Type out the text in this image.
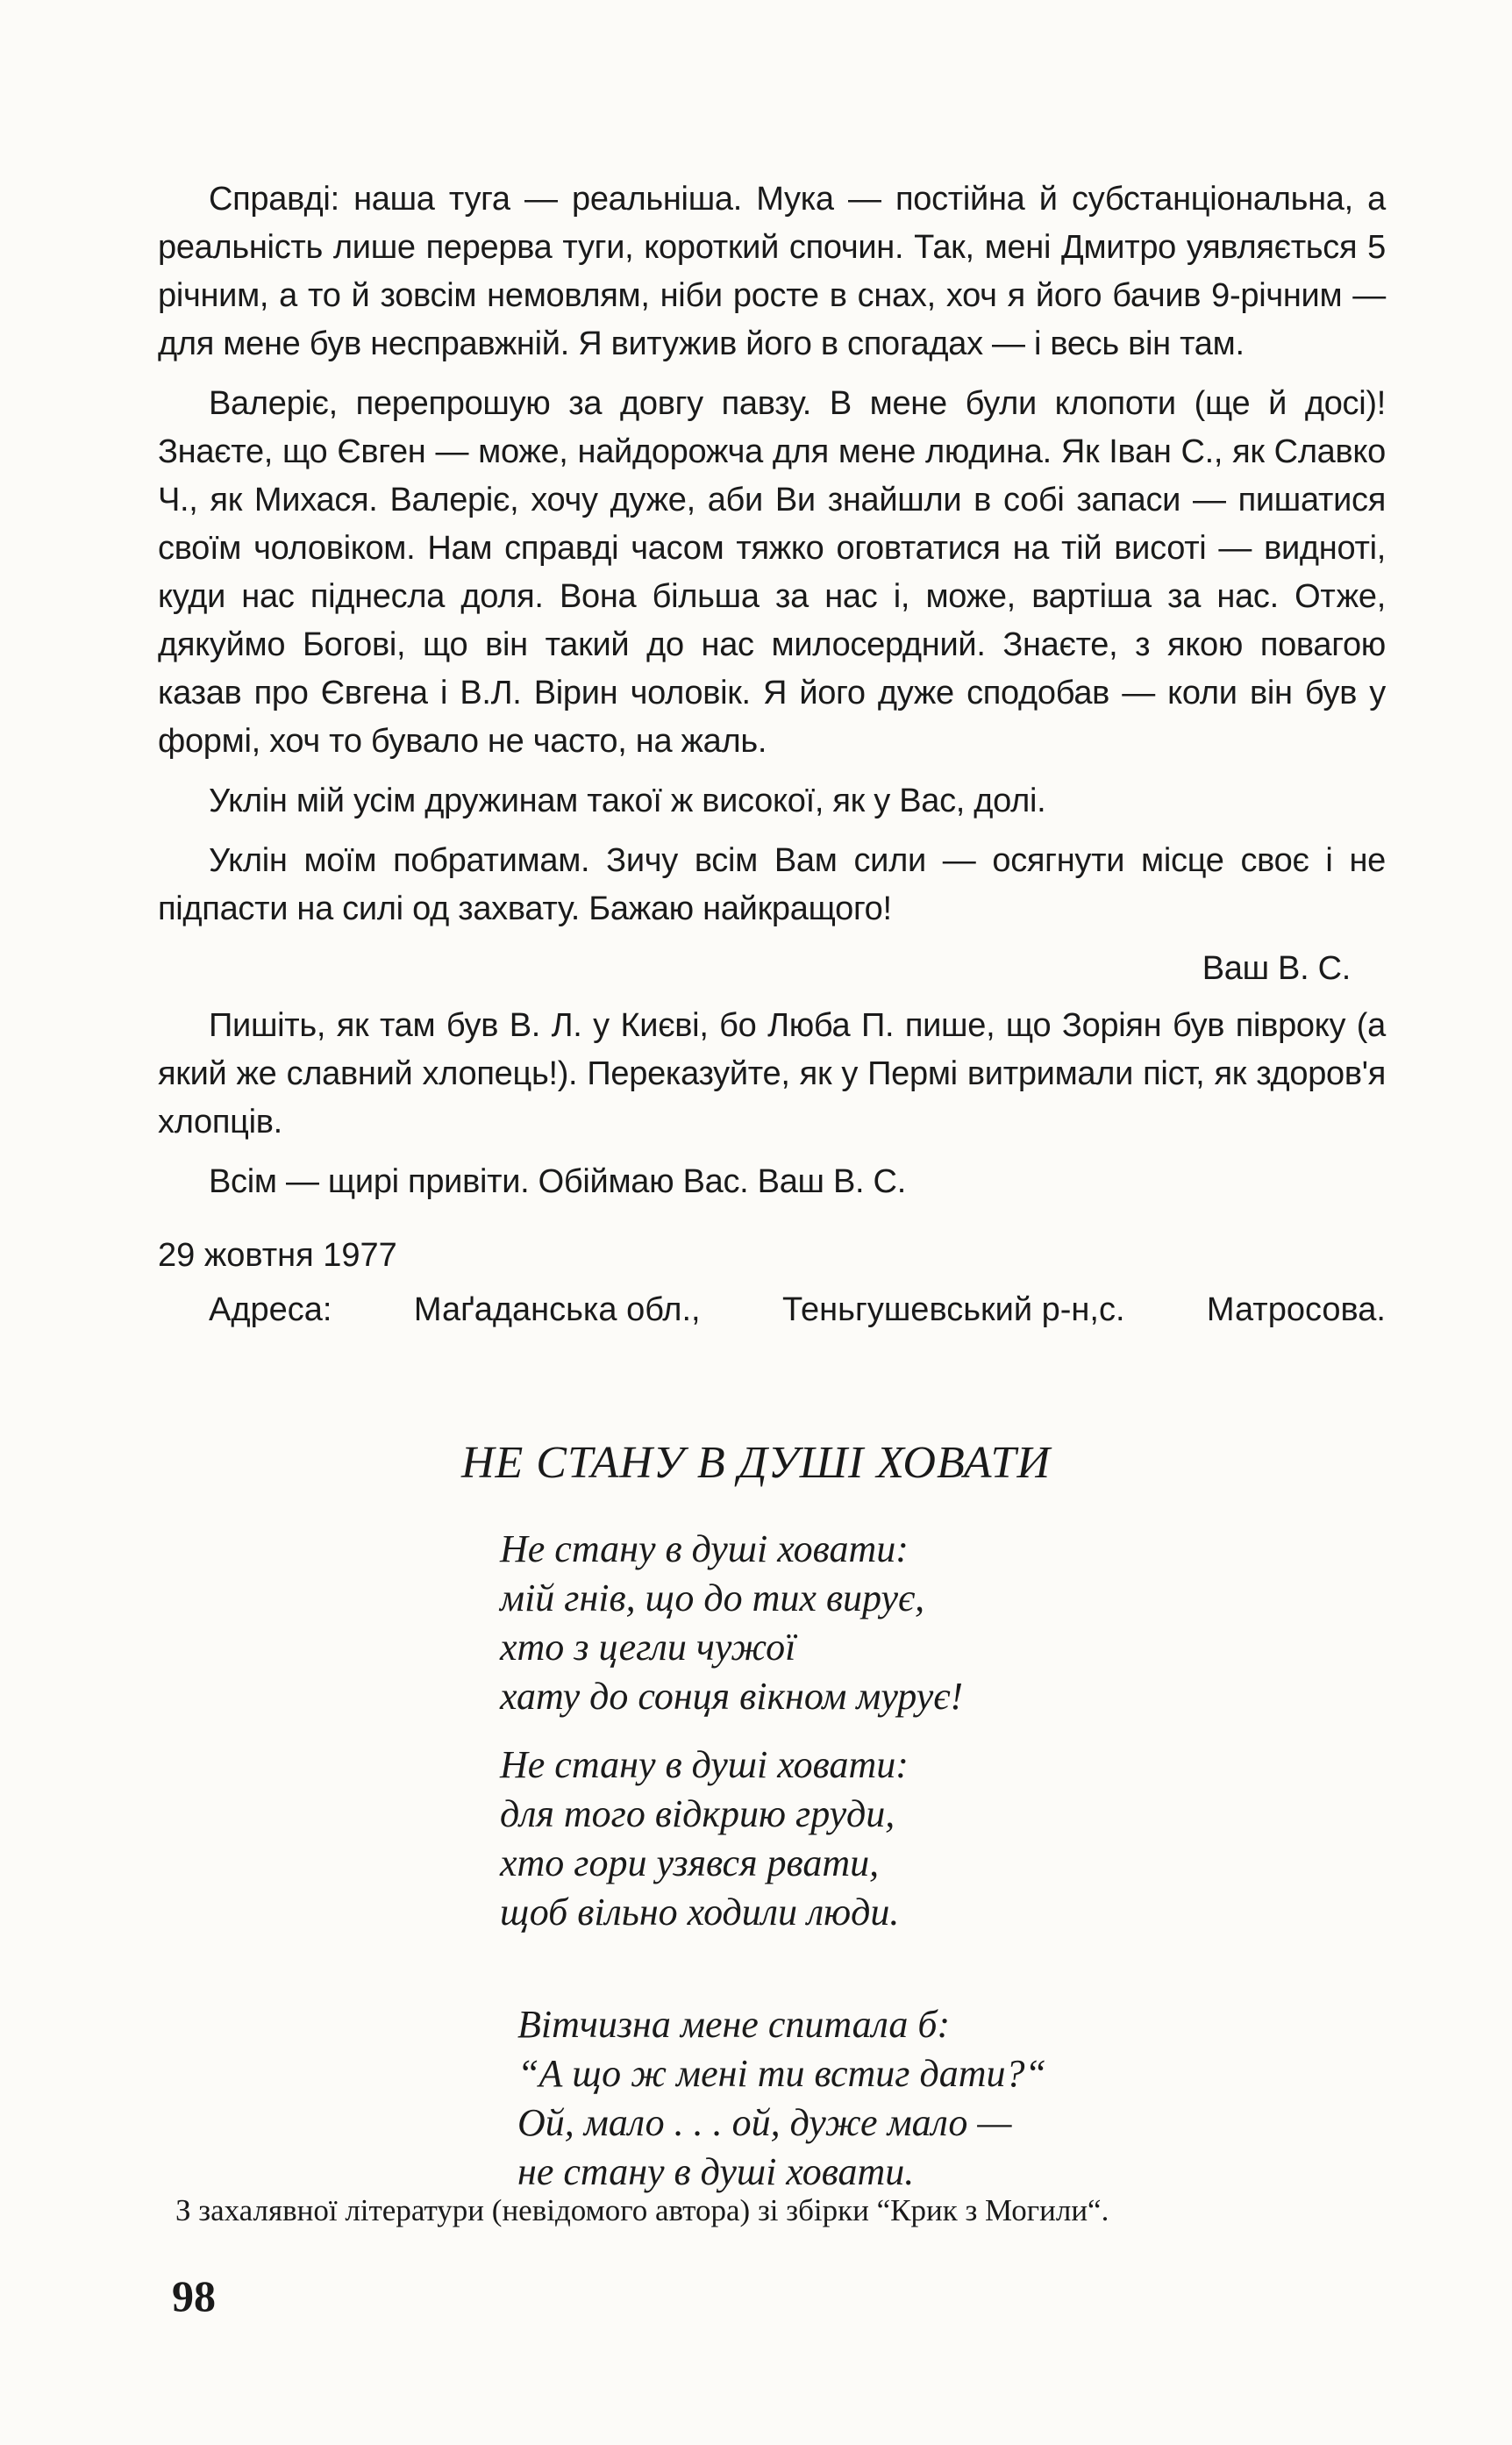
Справді: наша туга — реальніша. Мука — постійна й субстанціональна, а реальність лише перерва туги, короткий спочин. Так, мені Дмитро уявляється 5 річним, а то й зовсім немовлям, ніби росте в снах, хоч я його бачив 9-річним — для мене був несправжній. Я витужив його в спогадах — і весь він там.

Валеріє, перепрошую за довгу павзу. В мене були клопоти (ще й досі)! Знаєте, що Євген — може, найдорожча для мене людина. Як Іван С., як Славко Ч., як Михася. Валеріє, хочу дуже, аби Ви знайшли в собі запаси — пишатися своїм чоловіком. Нам справді часом тяжко оговтатися на тій висоті — видноті, куди нас піднесла доля. Вона більша за нас і, може, вартіша за нас. Отже, дякуймо Богові, що він такий до нас милосердний. Знаєте, з якою повагою казав про Євгена і В.Л. Вірин чоловік. Я його дуже сподобав — коли він був у формі, хоч то бувало не часто, на жаль.

Уклін мій усім дружинам такої ж високої, як у Вас, долі.

Уклін моїм побратимам. Зичу всім Вам сили — осягнути місце своє і не підпасти на силі од захвату. Бажаю найкращого!

Ваш В. С.

Пишіть, як там був В. Л. у Києві, бо Люба П. пише, що Зоріян був півроку (а який же славний хлопець!). Переказуйте, як у Пермі витримали піст, як здоров'я хлопців.

Всім — щирі привіти. Обіймаю Вас. Ваш В. С.

29 жовтня 1977
Адреса: Маґаданська обл., Теньгушевський р-н,с. Матросова.
НЕ СТАНУ В ДУШІ ХОВАТИ
Не стану в душі ховати:
мій гнів, що до тих вирує,
хто з цегли чужої
хату до сонця вікном мурує!
Не стану в душі ховати:
для того відкрию груди,
хто гори узявся рвати,
щоб вільно ходили люди.
Вітчизна мене спитала б:
“А що ж мені ти встиг дати?“
Ой, мало . . . ой, дуже мало —
не стану в душі ховати.
З захалявної літератури (невідомого автора) зі збірки “Крик з Могили“.
98
